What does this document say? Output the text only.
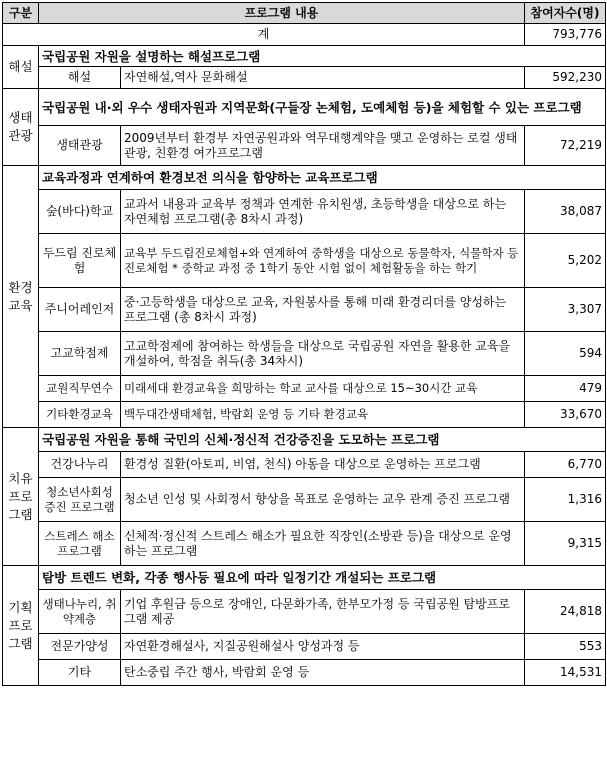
구분	프로그램 내용		참여자수(명)
계			793,776
해설	국립공원 자원을 설명하는 해설프로그램		
	해설	자연해설,역사 문화해설	592,230
생태 관광	국립공원 내·외 우수 생태자원과 지역문화(구들장 논체험, 도예체험 등)을 체험할 수 있는 프로그램		
	생태관광	2009년부터 환경부 자연공원과와 역무대행계약을 맺고 운영하는 로컬 생태관광, 친환경 여가프로그램	72,219
환경 교육	교육과정과 연계하여 환경보전 의식을 함양하는 교육프로그램		
	숲(바다)학교	교과서 내용과 교육부 정책과 연계한 유치원생, 초등학생을 대상으로 하는 자연체험 프로그램(총 8차시 과정)	38,087
	두드림 진로체험	교육부 두드림진로체험+와 연계하여 중학생을 대상으로 동물학자, 식물학자 등 진로체험 * 중학교 과정 중 1학기 동안 시험 없이 체험활동을 하는 학기	5,202
	주니어레인저	중·고등학생을 대상으로 교육, 자원봉사를 통해 미래 환경리더를 양성하는 프로그램 (총 8차시 과정)	3,307
	고교학점제	고교학점제에 참여하는 학생들을 대상으로 국립공원 자연을 활용한 교육을 개설하여, 학점을 취득(총 34차시)	594
	교원직무연수	미래세대 환경교육을 희망하는 학교 교사를 대상으로 15~30시간 교육	479
	기타환경교육	백두대간생태체험, 박람회 운영 등 기타 환경교육	33,670
치유 프로 그램	국립공원 자원을 통해 국민의 신체·정신적 건강증진을 도모하는 프로그램		
	건강나누리	환경성 질환(아토피, 비염, 천식) 아동을 대상으로 운영하는 프로그램	6,770
	청소년사회성 증진 프로그램	청소년 인성 및 사회정서 향상을 목표로 운영하는 교우 관계 증진 프로그램	1,316
	스트레스 해소프로그램	신체적·정신적 스트레스 해소가 필요한 직장인(소방관 등)을 대상으로 운영하는 프로그램	9,315
기획 프로 그램	탐방 트렌드 변화, 각종 행사등 필요에 따라 일정기간 개설되는 프로그램		
	생태나누리, 취약계층	기업 후원금 등으로 장애인, 다문화가족, 한부모가정 등 국립공원 탐방프로그램 제공	24,818
	전문가양성	자연환경해설사, 지질공원해설사 양성과정 등	553
	기타	탄소중립 주간 행사, 박람회 운영 등	14,531
